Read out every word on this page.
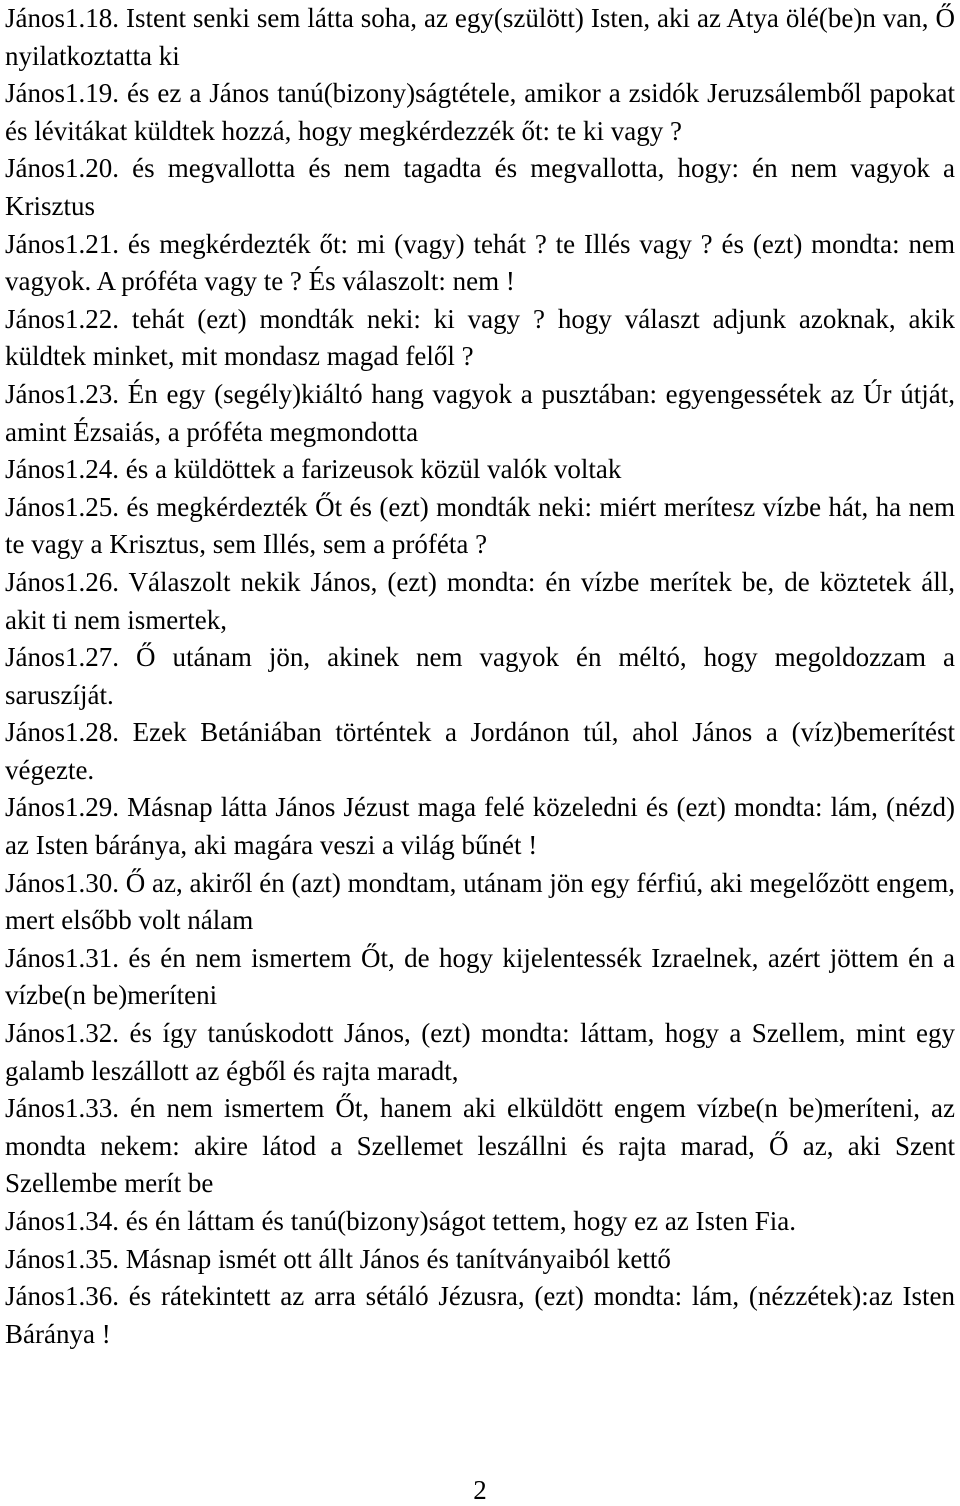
János1.18. Istent senki sem látta soha, az egy(szülött) Isten, aki az Atya ölé(be)n van, Ő nyilatkoztatta ki

János1.19. és ez a János tanú(bizony)ságtétele, amikor a zsidók Jeruzsálemből papokat és lévitákat küldtek hozzá, hogy megkérdezzék őt: te ki vagy ?

János1.20. és megvallotta és nem tagadta és megvallotta, hogy: én nem vagyok a Krisztus

János1.21. és megkérdezték őt: mi (vagy) tehát ? te Illés vagy ? és (ezt) mondta: nem vagyok. A próféta vagy te ? És válaszolt: nem !

János1.22. tehát (ezt) mondták neki: ki vagy ? hogy választ adjunk azoknak, akik küldtek minket, mit mondasz magad felől ?

János1.23. Én egy (segély)kiáltó hang vagyok a pusztában: egyengessétek az Úr útját, amint Ézsaiás, a próféta megmondotta

János1.24. és a küldöttek a farizeusok közül valók voltak

János1.25. és megkérdezték Őt és (ezt) mondták neki: miért merítesz vízbe hát, ha nem te vagy a Krisztus, sem Illés, sem a próféta ?

János1.26. Válaszolt nekik János, (ezt) mondta: én vízbe merítek be, de köztetek áll, akit ti nem ismertek,

János1.27. Ő utánam jön, akinek nem vagyok én méltó, hogy megoldozzam a saruszíját.

János1.28. Ezek Betániában történtek a Jordánon túl, ahol János a (víz)bemerítést végezte.

János1.29. Másnap látta János Jézust maga felé közeledni és (ezt) mondta: lám, (nézd) az Isten báránya, aki magára veszi a világ bűnét !

János1.30. Ő az, akiről én (azt) mondtam, utánam jön egy férfiú, aki megelőzött engem, mert elsőbb volt nálam

János1.31. és én nem ismertem Őt, de hogy kijelentessék Izraelnek, azért jöttem én a vízbe(n be)meríteni

János1.32. és így tanúskodott János, (ezt) mondta: láttam, hogy a Szellem, mint egy galamb leszállott az égből és rajta maradt,

János1.33. én nem ismertem Őt, hanem aki elküldött engem vízbe(n be)meríteni, az mondta nekem: akire látod a Szellemet leszállni és rajta marad, Ő az, aki Szent Szellembe merít be

János1.34. és én láttam és tanú(bizony)ságot tettem, hogy ez az Isten Fia.

János1.35. Másnap ismét ott állt János és tanítványaiból kettő

János1.36. és rátekintett az arra sétáló Jézusra, (ezt) mondta: lám, (nézzétek):az Isten Báránya !

2
